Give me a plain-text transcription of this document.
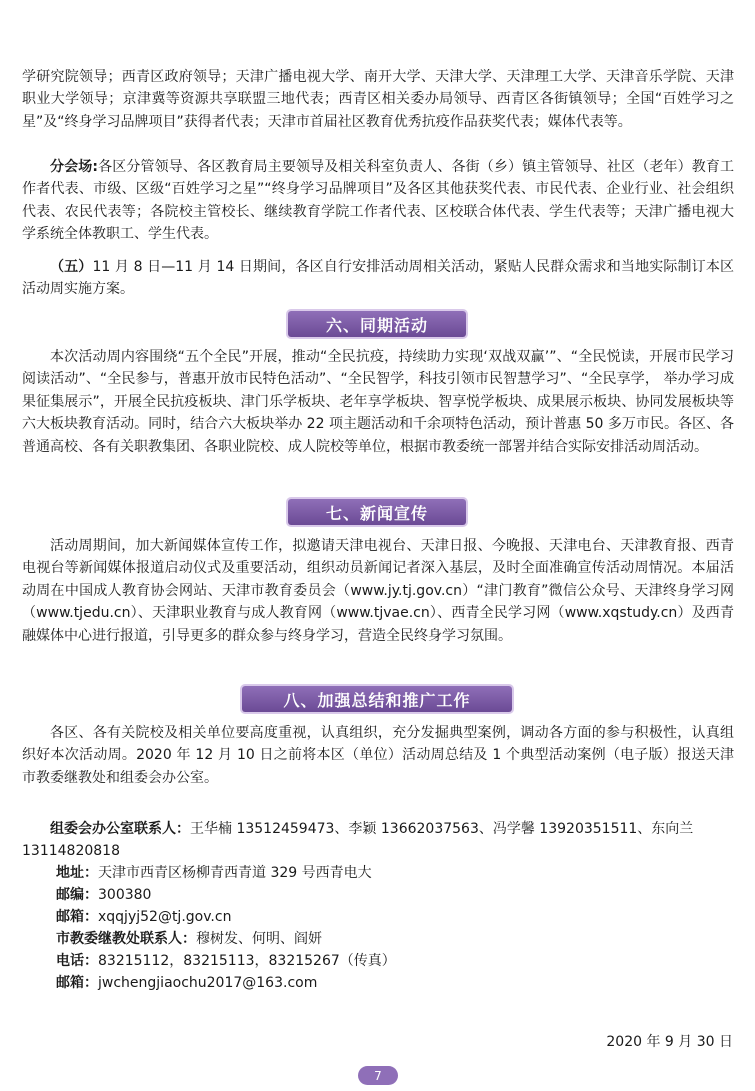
学研究院领导；西青区政府领导；天津广播电视大学、南开大学、天津大学、天津理工大学、天津音乐学院、天津职业大学领导；京津冀等资源共享联盟三地代表；西青区相关委办局领导、西青区各街镇领导；全国“百姓学习之星”及“终身学习品牌项目”获得者代表；天津市首届社区教育优秀抗疫作品获奖代表；媒体代表等。

分会场:各区分管领导、各区教育局主要领导及相关科室负责人、各街（乡）镇主管领导、社区（老年）教育工作者代表、市级、区级“百姓学习之星”“终身学习品牌项目”及各区其他获奖代表、市民代表、企业行业、社会组织代表、农民代表等；各院校主管校长、继续教育学院工作者代表、区校联合体代表、学生代表等；天津广播电视大学系统全体教职工、学生代表。

（五）11 月 8 日—11 月 14 日期间，各区自行安排活动周相关活动，紧贴人民群众需求和当地实际制订本区活动周实施方案。

六、同期活动

本次活动周内容围绕“五个全民”开展，推动“全民抗疫，持续助力实现‘双战双赢’”、“全民悦读，开展市民学习阅读活动”、“全民参与，普惠开放市民特色活动”、“全民智学，科技引领市民智慧学习”、“全民享学， 举办学习成果征集展示”，开展全民抗疫板块、津门乐学板块、老年享学板块、智享悦学板块、成果展示板块、协同发展板块等六大板块教育活动。同时，结合六大板块举办 22 项主题活动和千余项特色活动，预计普惠 50 多万市民。各区、各普通高校、各有关职教集团、各职业院校、成人院校等单位，根据市教委统一部署并结合实际安排活动周活动。

七、新闻宣传

活动周期间，加大新闻媒体宣传工作，拟邀请天津电视台、天津日报、今晚报、天津电台、天津教育报、西青电视台等新闻媒体报道启动仪式及重要活动，组织动员新闻记者深入基层，及时全面准确宣传活动周情况。本届活动周在中国成人教育协会网站、天津市教育委员会（www.jy.tj.gov.cn）“津门教育”微信公众号、天津终身学习网（www.tjedu.cn）、天津职业教育与成人教育网（www.tjvae.cn）、西青全民学习网（www.xqstudy.cn）及西青融媒体中心进行报道，引导更多的群众参与终身学习，营造全民终身学习氛围。

八、加强总结和推广工作

各区、各有关院校及相关单位要高度重视，认真组织，充分发掘典型案例，调动各方面的参与积极性，认真组织好本次活动周。2020 年 12 月 10 日之前将本区（单位）活动周总结及 1 个典型活动案例（电子版）报送天津市教委继教处和组委会办公室。

组委会办公室联系人：王华楠 13512459473、李颖 13662037563、冯学馨 13920351511、东向兰 13114820818
地址：天津市西青区杨柳青西青道 329 号西青电大
邮编：300380
邮箱：xqqjyj52@tj.gov.cn
市教委继教处联系人：穆树发、何明、阎妍
电话：83215112，83215113，83215267（传真）
邮箱：jwchengjiaochu2017@163.com
2020 年 9 月 30 日
7
